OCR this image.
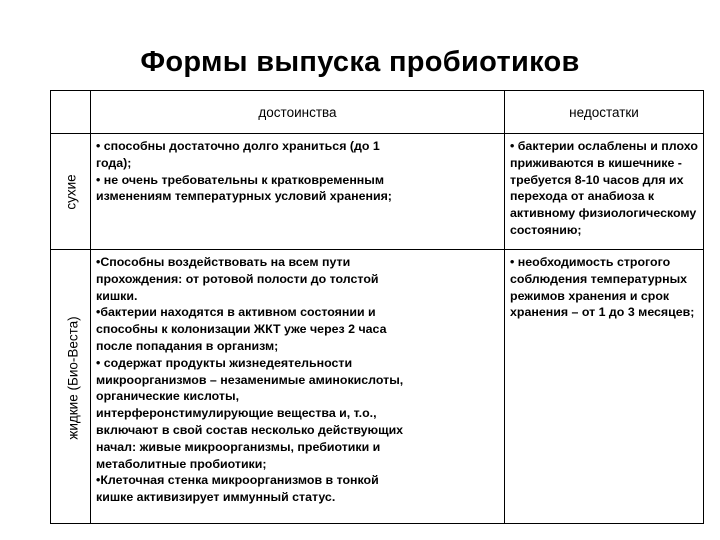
Формы выпуска пробиотиков
достоинства	недостатки
сухие
• способны достаточно долго храниться (до 1
года);
• не очень требовательны к кратковременным
изменениям температурных условий хранения;
• бактерии ослаблены и плохо
приживаются в кишечнике -
требуется 8-10 часов для их
перехода от анабиоза к
активному физиологическому
состоянию;
жидкие (Био-Веста)
•Способны воздействовать на всем пути
прохождения: от ротовой полости до толстой
кишки.
•бактерии находятся в активном состоянии и
способны к колонизации ЖКТ уже через 2 часа
после попадания в организм;
• содержат продукты жизнедеятельности
микроорганизмов – незаменимые аминокислоты,
органические кислоты,
интерферонстимулирующие вещества и, т.о.,
включают в свой состав несколько действующих
начал: живые микроорганизмы, пребиотики и
метаболитные пробиотики;
•Клеточная стенка микроорганизмов в тонкой
кишке активизирует иммунный статус.
• необходимость строгого
соблюдения температурных
режимов хранения и срок
хранения – от 1 до 3 месяцев;
